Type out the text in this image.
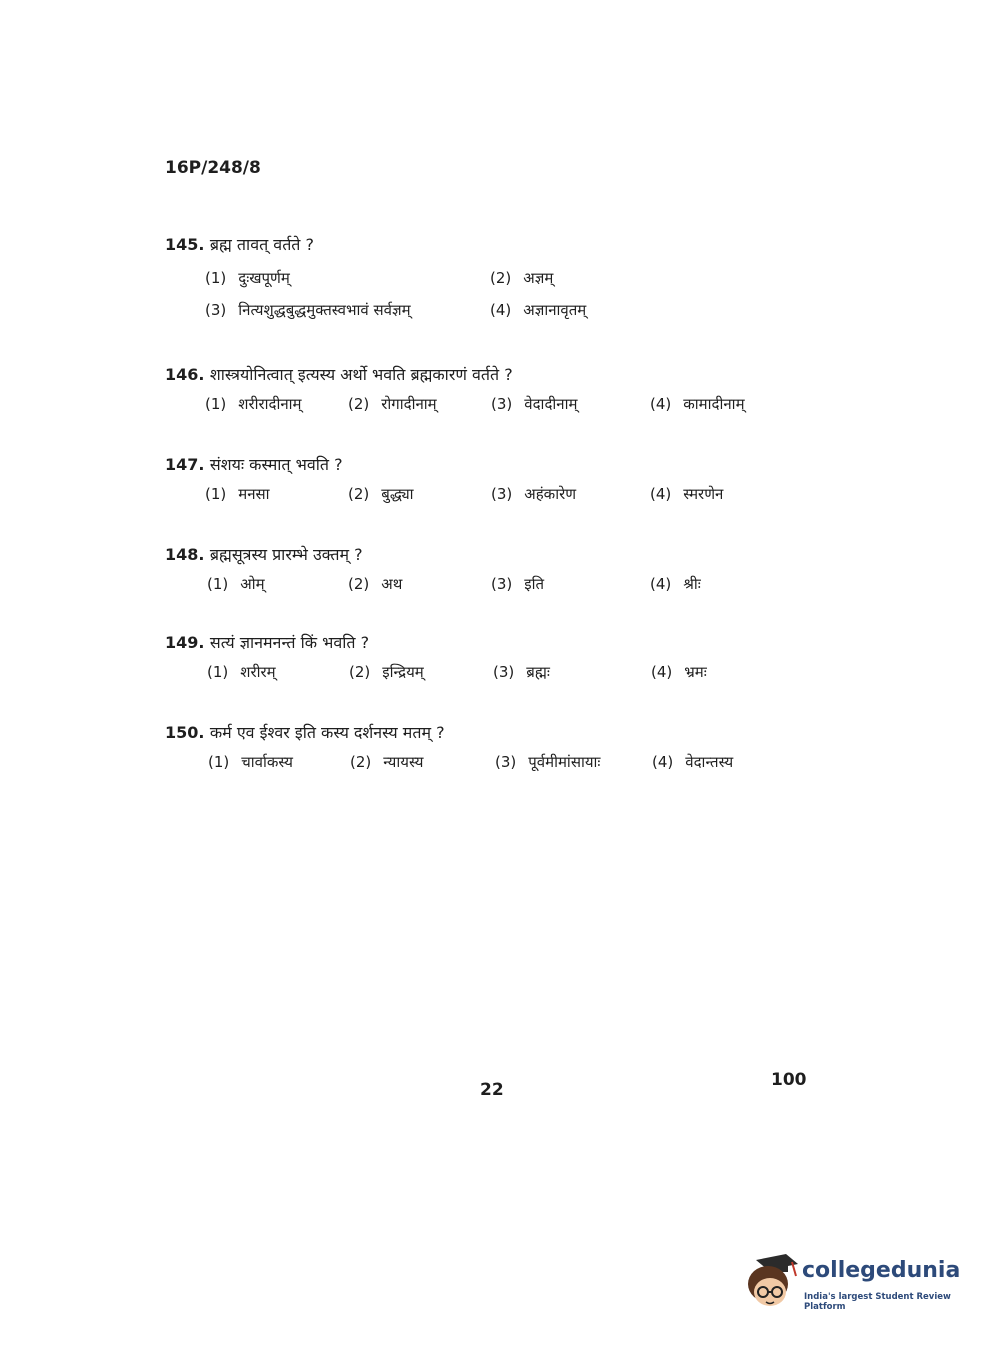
16P/248/8
145. ब्रह्म तावत् वर्तते ?
(1) दुःखपूर्णम्	(2) अज्ञम्
(3) नित्यशुद्धबुद्धमुक्तस्वभावं सर्वज्ञम्	(4) अज्ञानावृतम्
146. शास्त्रयोनित्वात् इत्यस्य अर्थो भवति ब्रह्मकारणं वर्तते ?
(1) शरीरादीनाम्	(2) रोगादीनाम्	(3) वेदादीनाम्	(4) कामादीनाम्
147. संशयः कस्मात् भवति ?
(1) मनसा	(2) बुद्ध्या	(3) अहंकारेण	(4) स्मरणेन
148. ब्रह्मसूत्रस्य प्रारम्भे उक्तम् ?
(1) ओम्	(2) अथ	(3) इति	(4) श्रीः
149. सत्यं ज्ञानमनन्तं किं भवति ?
(1) शरीरम्	(2) इन्द्रियम्	(3) ब्रह्मः	(4) भ्रमः
150. कर्म एव ईश्वर इति कस्य दर्शनस्य मतम् ?
(1) चार्वाकस्य	(2) न्यायस्य	(3) पूर्वमीमांसायाः	(4) वेदान्तस्य
22	100
collegedunia
India's largest Student Review Platform
